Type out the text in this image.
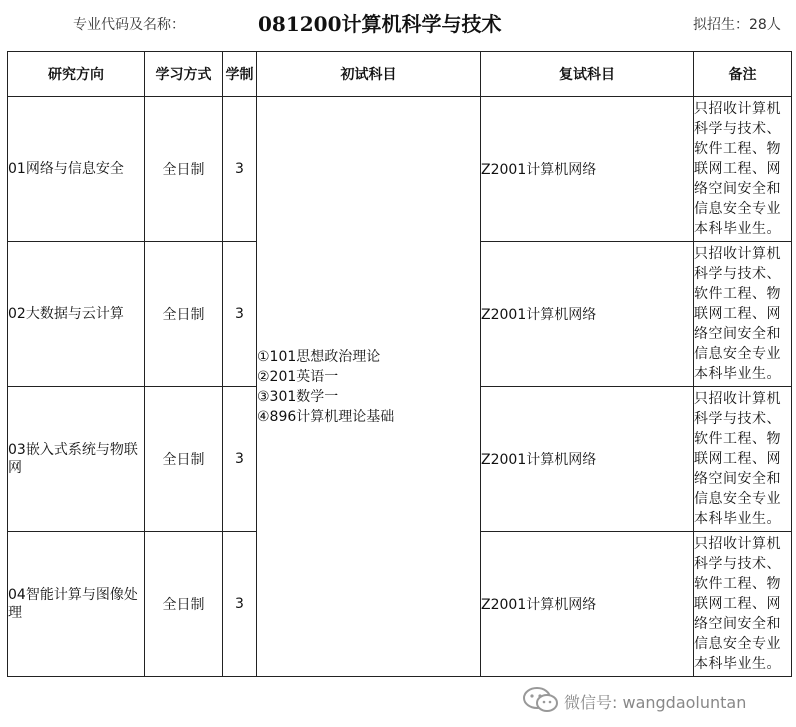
专业代码及名称：	081200计算机科学与技术	拟招生：28人
研究方向	学习方式	学制	初试科目	复试科目	备注
01网络与信息安全	全日制	3	①101思想政治理论
②201英语一
③301数学一
④896计算机理论基础	Z2001计算机网络	只招收计算机科学与技术、软件工程、物联网工程、网络空间安全和信息安全专业本科毕业生。
02大数据与云计算	全日制	3		Z2001计算机网络	只招收计算机科学与技术、软件工程、物联网工程、网络空间安全和信息安全专业本科毕业生。
03嵌入式系统与物联网	全日制	3		Z2001计算机网络	只招收计算机科学与技术、软件工程、物联网工程、网络空间安全和信息安全专业本科毕业生。
04智能计算与图像处理	全日制	3		Z2001计算机网络	只招收计算机科学与技术、软件工程、物联网工程、网络空间安全和信息安全专业本科毕业生。
微信号: wangdaoluntan
